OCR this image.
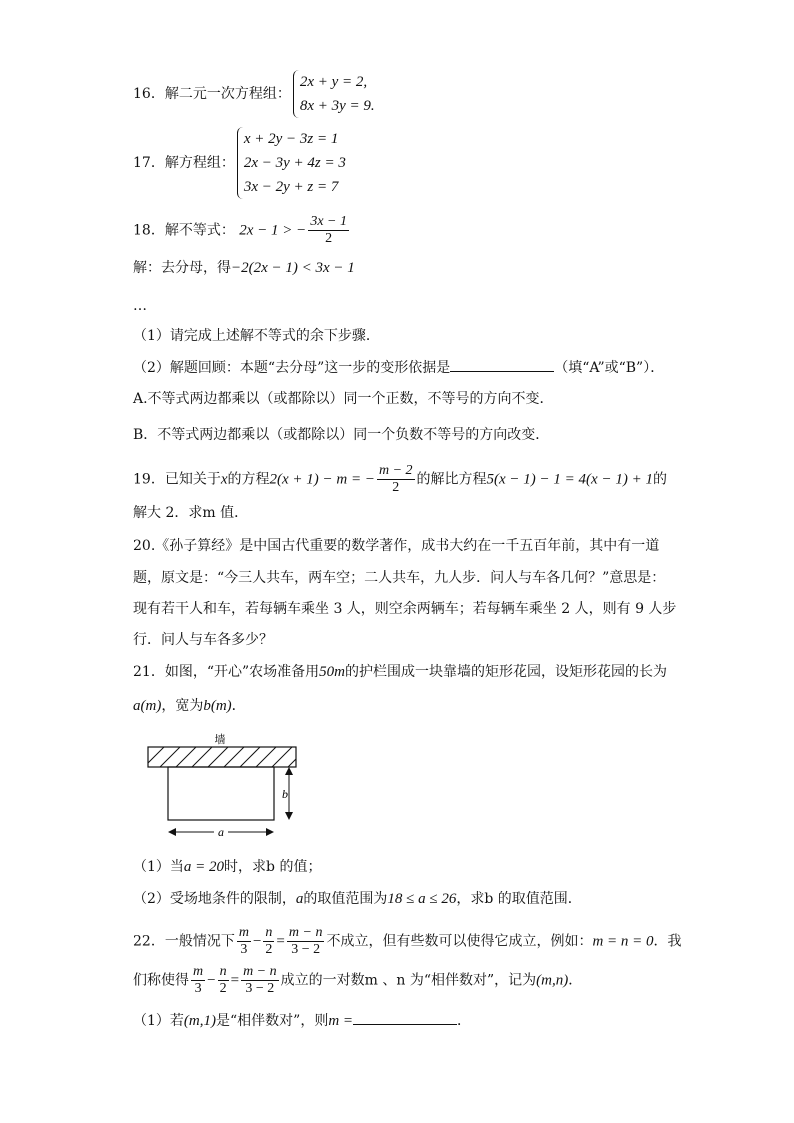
16．解二元一次方程组：
2x + y = 2,
8x + 3y = 9.
17．解方程组：
x + 2y − 3z = 1
2x − 3y + 4z = 3
3x − 2y + z = 7
18．解不等式： 2x − 1 > − $\frac{3x - 1}{2}$
解：去分母，得−2(2x − 1) < 3x − 1
…
（1）请完成上述解不等式的余下步骤．
（2）解题回顾：本题“去分母”这一步的变形依据是	（填“A”或“B”）．
A.不等式两边都乘以（或都除以）同一个正数，不等号的方向不变．
B．不等式两边都乘以（或都除以）同一个负数不等号的方向改变．
19．已知关于x的方程2(x + 1) − m = − $\frac{m - 2}{2}$ 的解比方程5(x − 1) − 1 = 4(x − 1) + 1的
解大 2．求m 值．
20.《孙子算经》是中国古代重要的数学著作，成书大约在一千五百年前，其中有一道
题，原文是：“今三人共车，两车空；二人共车，九人步．问人与车各几何？”意思是：
现有若干人和车，若每辆车乘坐 3 人，则空余两辆车；若每辆车乘坐 2 人，则有 9 人步
行．问人与车各多少？
21．如图，“开心”农场准备用50m的护栏围成一块靠墙的矩形花园，设矩形花园的长为
a(m)，宽为b(m)．
墙
b
a
（1）当a = 20时，求b 的值；
（2）受场地条件的限制，a的取值范围为18 ≤ a ≤ 26，求b 的取值范围．
22．一般情况下 $\frac{m}{3} - \frac{n}{2} = \frac{m - n}{3 - 2}$ 不成立，但有些数可以使得它成立，例如：m = n = 0．我
们称使得 $\frac{m}{3} - \frac{n}{2} = \frac{m - n}{3 - 2}$ 成立的一对数m 、n 为“相伴数对”，记为(m,n)．
（1）若(m,1)是“相伴数对”，则m =	．
